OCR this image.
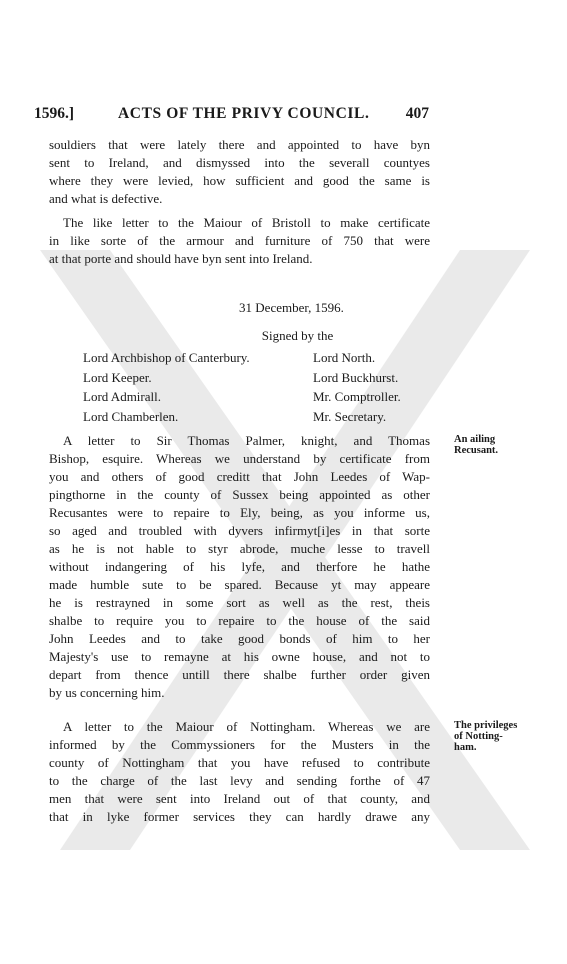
1596.]	ACTS OF THE PRIVY COUNCIL. 407
souldiers that were lately there and appointed to have byn
sent to Ireland, and dismyssed into the severall countyes
where they were levied, how sufficient and good the same is
and what is defective.
The like letter to the Maiour of Bristoll to make certificate
in like sorte of the armour and furniture of 750 that were
at that porte and should have byn sent into Ireland.
31 December, 1596.
Signed by the
Lord Archbishop of Canterbury.
Lord Keeper.
Lord Admirall.
Lord Chamberlen.
Lord North.
Lord Buckhurst.
Mr. Comptroller.
Mr. Secretary.
A letter to Sir Thomas Palmer, knight, and Thomas
Bishop, esquire. Whereas we understand by certificate from
you and others of good creditt that John Leedes of Wap-
pingthorne in the county of Sussex being appointed as other
Recusantes were to repaire to Ely, being, as you informe us,
so aged and troubled with dyvers infirmyt[i]es in that sorte
as he is not hable to styr abrode, muche lesse to travell
without indangering of his lyfe, and therfore he hathe
made humble sute to be spared. Because yt may appeare
he is restrayned in some sort as well as the rest, theis
shalbe to require you to repaire to the house of the said
John Leedes and to take good bonds of him to her
Majesty's use to remayne at his owne house, and not to
depart from thence untill there shalbe further order given
by us concerning him.
A letter to the Maiour of Nottingham. Whereas we are
informed by the Commyssioners for the Musters in the
county of Nottingham that you have refused to contribute
to the charge of the last levy and sending forthe of 47
men that were sent into Ireland out of that county, and
that in lyke former services they can hardly drawe any
An ailing
Recusant.
The privileges
of Notting-
ham.
